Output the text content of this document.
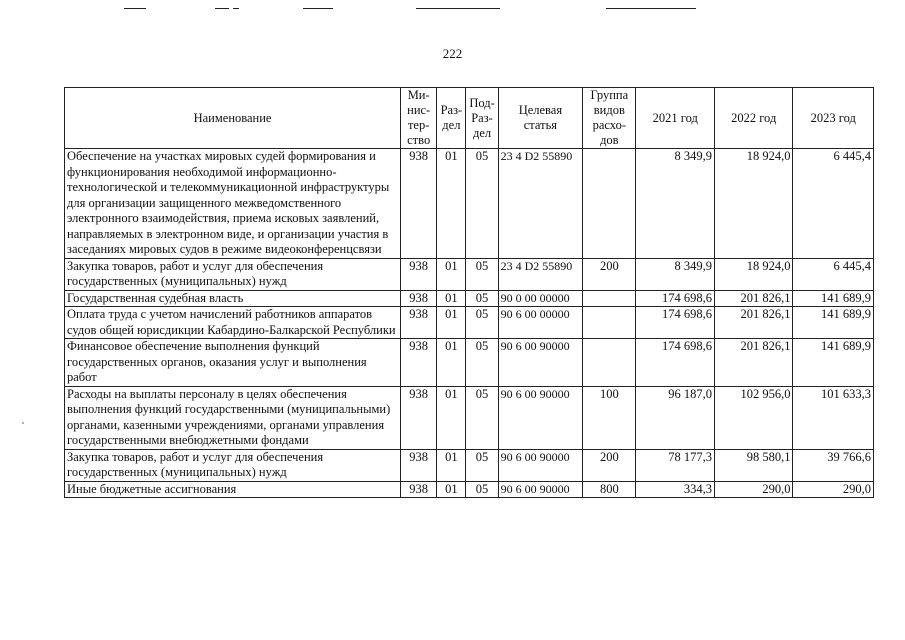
222
Наименование	Ми-
нис-
тер-
ство	Раз-
дел	Под-
Раз-
дел	Целевая
статья	Группа
видов
расхо-
дов	2021 год	2022 год	2023 год
Обеспечение на участках мировых судей формирования и функционирования необходимой информационно-технологической и телекоммуникационной инфраструктуры для организации защищенного межведомственного электронного взаимодействия, приема исковых заявлений, направляемых в электронном виде, и организации участия в заседаниях мировых судов в режиме видеоконференцсвязи	938	01	05	23 4 D2 55890		8 349,9	18 924,0	6 445,4
Закупка товаров, работ и услуг для обеспечения государственных (муниципальных) нужд	938	01	05	23 4 D2 55890	200	8 349,9	18 924,0	6 445,4
Государственная судебная власть	938	01	05	90 0 00 00000		174 698,6	201 826,1	141 689,9
Оплата труда с учетом начислений работников аппаратов судов общей юрисдикции Кабардино-Балкарской Республики	938	01	05	90 6 00 00000		174 698,6	201 826,1	141 689,9
Финансовое обеспечение выполнения функций государственных органов, оказания услуг и выполнения работ	938	01	05	90 6 00 90000		174 698,6	201 826,1	141 689,9
Расходы на выплаты персоналу в целях обеспечения выполнения функций государственными (муниципальными) органами, казенными учреждениями, органами управления государственными внебюджетными фондами	938	01	05	90 6 00 90000	100	96 187,0	102 956,0	101 633,3
Закупка товаров, работ и услуг для обеспечения государственных (муниципальных) нужд	938	01	05	90 6 00 90000	200	78 177,3	98 580,1	39 766,6
Иные бюджетные ассигнования	938	01	05	90 6 00 90000	800	334,3	290,0	290,0
